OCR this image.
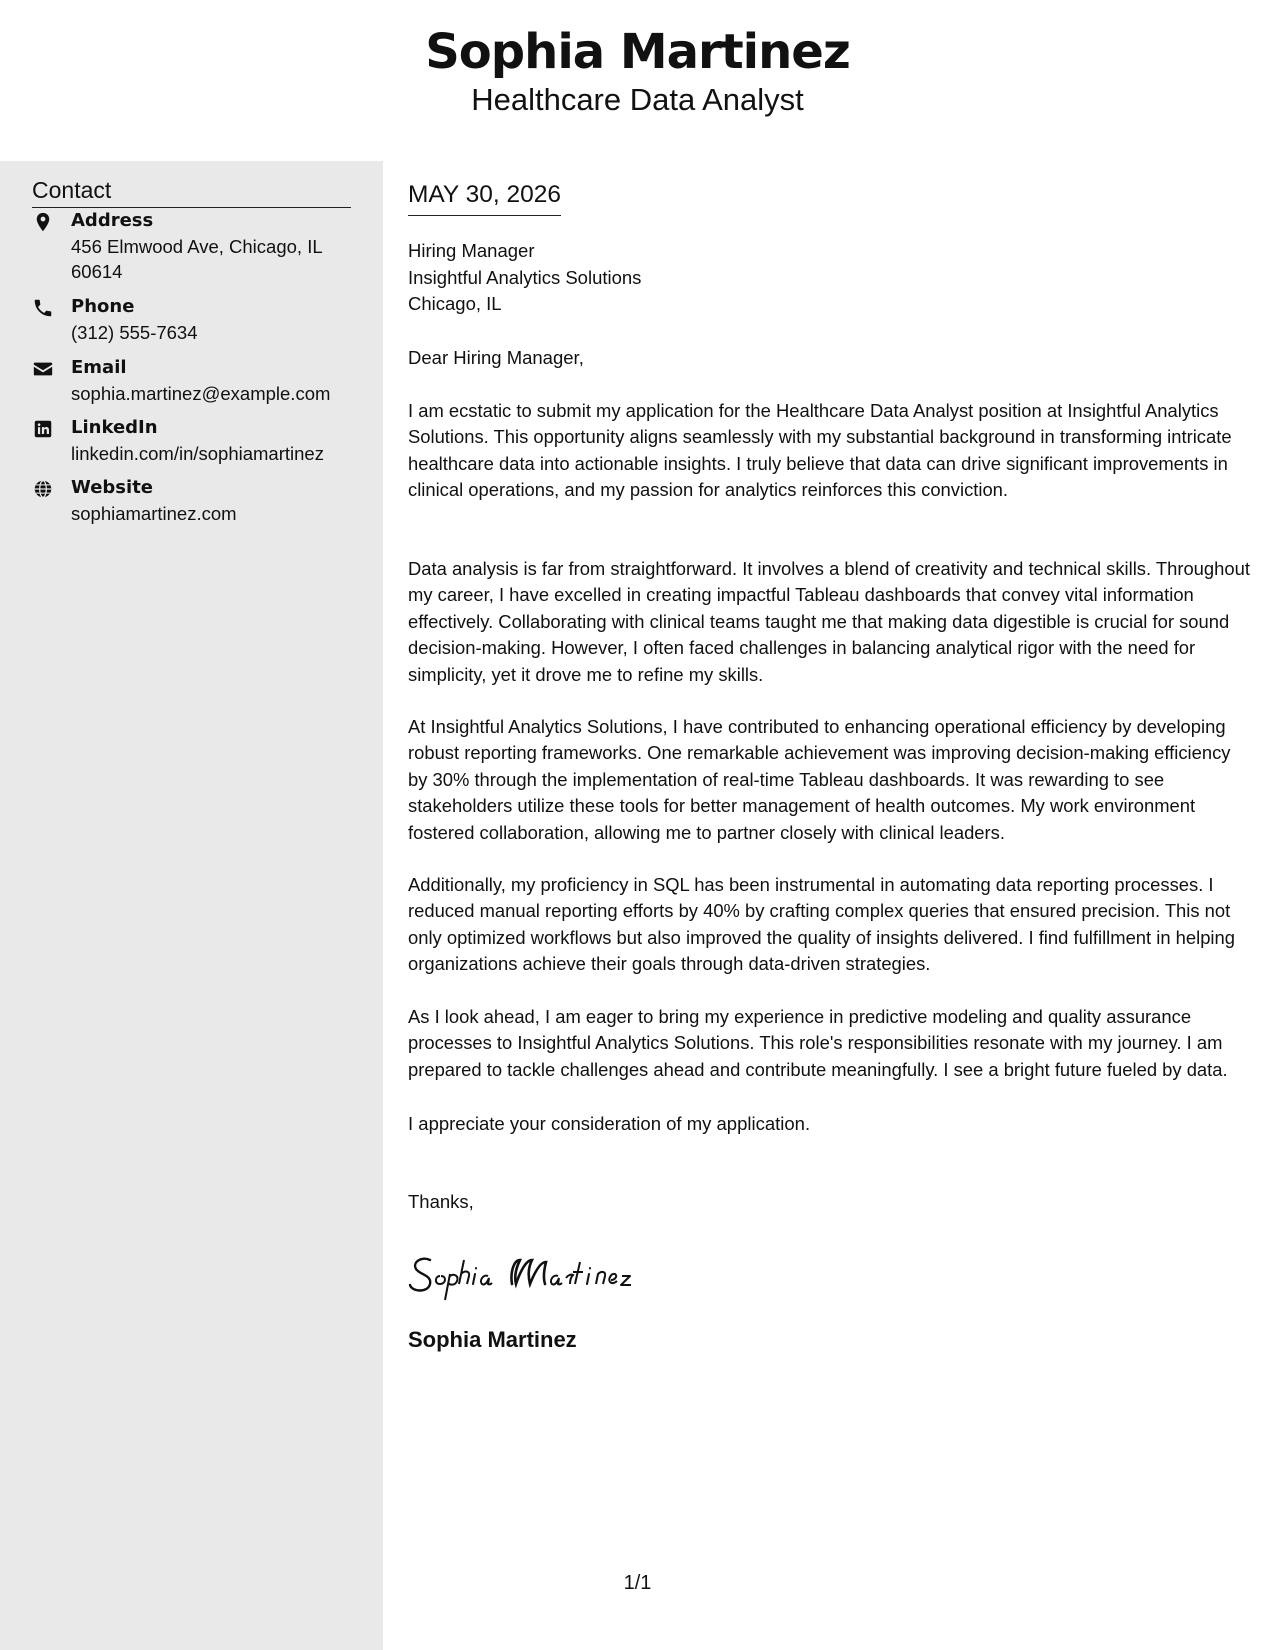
Sophia Martinez
Healthcare Data Analyst
Contact
Address
456 Elmwood Ave, Chicago, IL 60614
Phone
(312) 555-7634
Email
sophia.martinez@example.com
LinkedIn
linkedin.com/in/sophiamartinez
Website
sophiamartinez.com
MAY 30, 2026
Hiring Manager
Insightful Analytics Solutions
Chicago, IL
Dear Hiring Manager,

I am ecstatic to submit my application for the Healthcare Data Analyst position at Insightful Analytics Solutions. This opportunity aligns seamlessly with my substantial background in transforming intricate healthcare data into actionable insights. I truly believe that data can drive significant improvements in clinical operations, and my passion for analytics reinforces this conviction.

Data analysis is far from straightforward. It involves a blend of creativity and technical skills. Throughout my career, I have excelled in creating impactful Tableau dashboards that convey vital information effectively. Collaborating with clinical teams taught me that making data digestible is crucial for sound decision-making. However, I often faced challenges in balancing analytical rigor with the need for simplicity, yet it drove me to refine my skills.

At Insightful Analytics Solutions, I have contributed to enhancing operational efficiency by developing robust reporting frameworks. One remarkable achievement was improving decision-making efficiency by 30% through the implementation of real-time Tableau dashboards. It was rewarding to see stakeholders utilize these tools for better management of health outcomes. My work environment fostered collaboration, allowing me to partner closely with clinical leaders.

Additionally, my proficiency in SQL has been instrumental in automating data reporting processes. I reduced manual reporting efforts by 40% by crafting complex queries that ensured precision. This not only optimized workflows but also improved the quality of insights delivered. I find fulfillment in helping organizations achieve their goals through data-driven strategies.

As I look ahead, I am eager to bring my experience in predictive modeling and quality assurance processes to Insightful Analytics Solutions. This role's responsibilities resonate with my journey. I am prepared to tackle challenges ahead and contribute meaningfully. I see a bright future fueled by data.

I appreciate your consideration of my application.
Thanks,
Sophia Martinez
1/1
